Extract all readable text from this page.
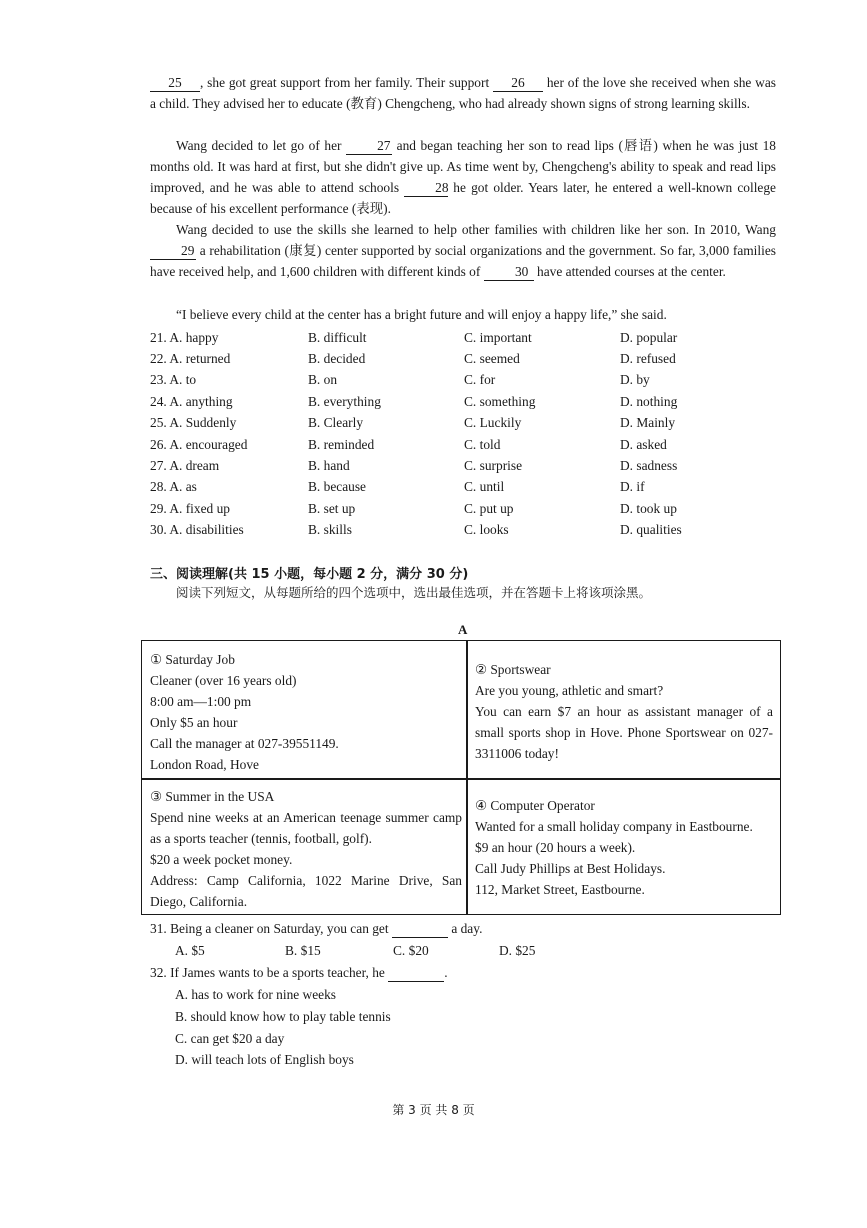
25 , she got great support from her family. Their support 26 her of the love she received when she was a child. They advised her to educate (教育) Chengcheng, who had already shown signs of strong learning skills.

Wang decided to let go of her 27 and began teaching her son to read lips (唇语) when he was just 18 months old. It was hard at first, but she didn't give up. As time went by, Chengcheng's ability to speak and read lips improved, and he was able to attend schools 28 he got older. Years later, he entered a well-known college because of his excellent performance (表现).

Wang decided to use the skills she learned to help other families with children like her son. In 2010, Wang 29 a rehabilitation (康复) center supported by social organizations and the government. So far, 3,000 families have received help, and 1,600 children with different kinds of 30 have attended courses at the center.

“I believe every child at the center has a bright future and will enjoy a happy life,” she said.

21. A. happy	B. difficult	C. important	D. popular
22. A. returned	B. decided	C. seemed	D. refused
23. A. to	B. on	C. for	D. by
24. A. anything	B. everything	C. something	D. nothing
25. A. Suddenly	B. Clearly	C. Luckily	D. Mainly
26. A. encouraged	B. reminded	C. told	D. asked
27. A. dream	B. hand	C. surprise	D. sadness
28. A. as	B. because	C. until	D. if
29. A. fixed up	B. set up	C. put up	D. took up
30. A. disabilities	B. skills	C. looks	D. qualities
三、阅读理解(共 15 小题，每小题 2 分，满分 30 分)
阅读下列短文，从每题所给的四个选项中，选出最佳选项，并在答题卡上将该项涂黑。
A
① Saturday Job
Cleaner (over 16 years old)
8:00 am—1:00 pm
Only $5 an hour
Call the manager at 027-39551149.
London Road, Hove
② Sportswear
Are you young, athletic and smart?
You can earn $7 an hour as assistant manager of a small sports shop in Hove. Phone Sportswear on 027-3311006 today!
③ Summer in the USA
Spend nine weeks at an American teenage summer camp as a sports teacher (tennis, football, golf).
$20 a week pocket money.
Address: Camp California, 1022 Marine Drive, San Diego, California.
④ Computer Operator
Wanted for a small holiday company in Eastbourne.
$9 an hour (20 hours a week).
Call Judy Phillips at Best Holidays.
112, Market Street, Eastbourne.
31. Being a cleaner on Saturday, you can get	a day.
A. $5	B. $15	C. $20	D. $25
32. If James wants to be a sports teacher, he	.
A. has to work for nine weeks
B. should know how to play table tennis
C. can get $20 a day
D. will teach lots of English boys
第 3 页 共 8 页
